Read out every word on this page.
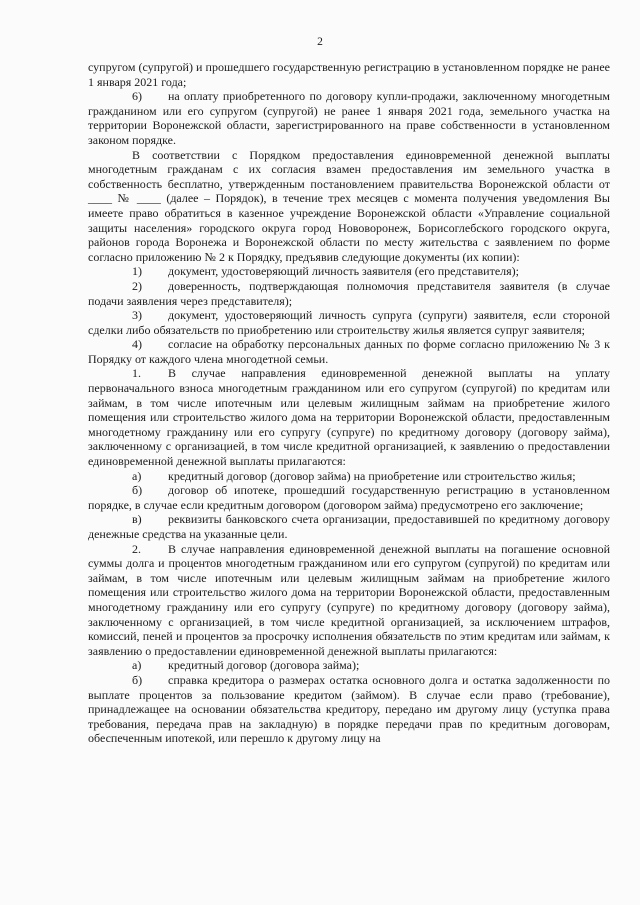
2

супругом (супругой) и прошедшего государственную регистрацию в установленном порядке не ранее 1 января 2021 года;

6) на оплату приобретенного по договору купли-продажи, заключенному многодетным гражданином или его супругом (супругой) не ранее 1 января 2021 года, земельного участка на территории Воронежской области, зарегистрированного на праве собственности в установленном законом порядке.

В соответствии с Порядком предоставления единовременной денежной выплаты многодетным гражданам с их согласия взамен предоставления им земельного участка в собственность бесплатно, утвержденным постановлением правительства Воронежской области от ____ № ____ (далее – Порядок), в течение трех месяцев с момента получения уведомления Вы имеете право обратиться в казенное учреждение Воронежской области «Управление социальной защиты населения» городского округа город Нововоронеж, Борисоглебского городского округа, районов города Воронежа и Воронежской области по месту жительства с заявлением по форме согласно приложению № 2 к Порядку, предъявив следующие документы (их копии):

1) документ, удостоверяющий личность заявителя (его представителя);

2) доверенность, подтверждающая полномочия представителя заявителя (в случае подачи заявления через представителя);

3) документ, удостоверяющий личность супруга (супруги) заявителя, если стороной сделки либо обязательств по приобретению или строительству жилья является супруг заявителя;

4) согласие на обработку персональных данных по форме согласно приложению № 3 к Порядку от каждого члена многодетной семьи.

1. В случае направления единовременной денежной выплаты на уплату первоначального взноса многодетным гражданином или его супругом (супругой) по кредитам или займам, в том числе ипотечным или целевым жилищным займам на приобретение жилого помещения или строительство жилого дома на территории Воронежской области, предоставленным многодетному гражданину или его супругу (супруге) по кредитному договору (договору займа), заключенному с организацией, в том числе кредитной организацией, к заявлению о предоставлении единовременной денежной выплаты прилагаются:

а) кредитный договор (договор займа) на приобретение или строительство жилья;

б) договор об ипотеке, прошедший государственную регистрацию в установленном порядке, в случае если кредитным договором (договором займа) предусмотрено его заключение;

в) реквизиты банковского счета организации, предоставившей по кредитному договору денежные средства на указанные цели.

2. В случае направления единовременной денежной выплаты на погашение основной суммы долга и процентов многодетным гражданином или его супругом (супругой) по кредитам или займам, в том числе ипотечным или целевым жилищным займам на приобретение жилого помещения или строительство жилого дома на территории Воронежской области, предоставленным многодетному гражданину или его супругу (супруге) по кредитному договору (договору займа), заключенному с организацией, в том числе кредитной организацией, за исключением штрафов, комиссий, пеней и процентов за просрочку исполнения обязательств по этим кредитам или займам, к заявлению о предоставлении единовременной денежной выплаты прилагаются:

а) кредитный договор (договора займа);

б) справка кредитора о размерах остатка основного долга и остатка задолженности по выплате процентов за пользование кредитом (займом). В случае если право (требование), принадлежащее на основании обязательства кредитору, передано им другому лицу (уступка права требования, передача прав на закладную) в порядке передачи прав по кредитным договорам, обеспеченным ипотекой, или перешло к другому лицу на
